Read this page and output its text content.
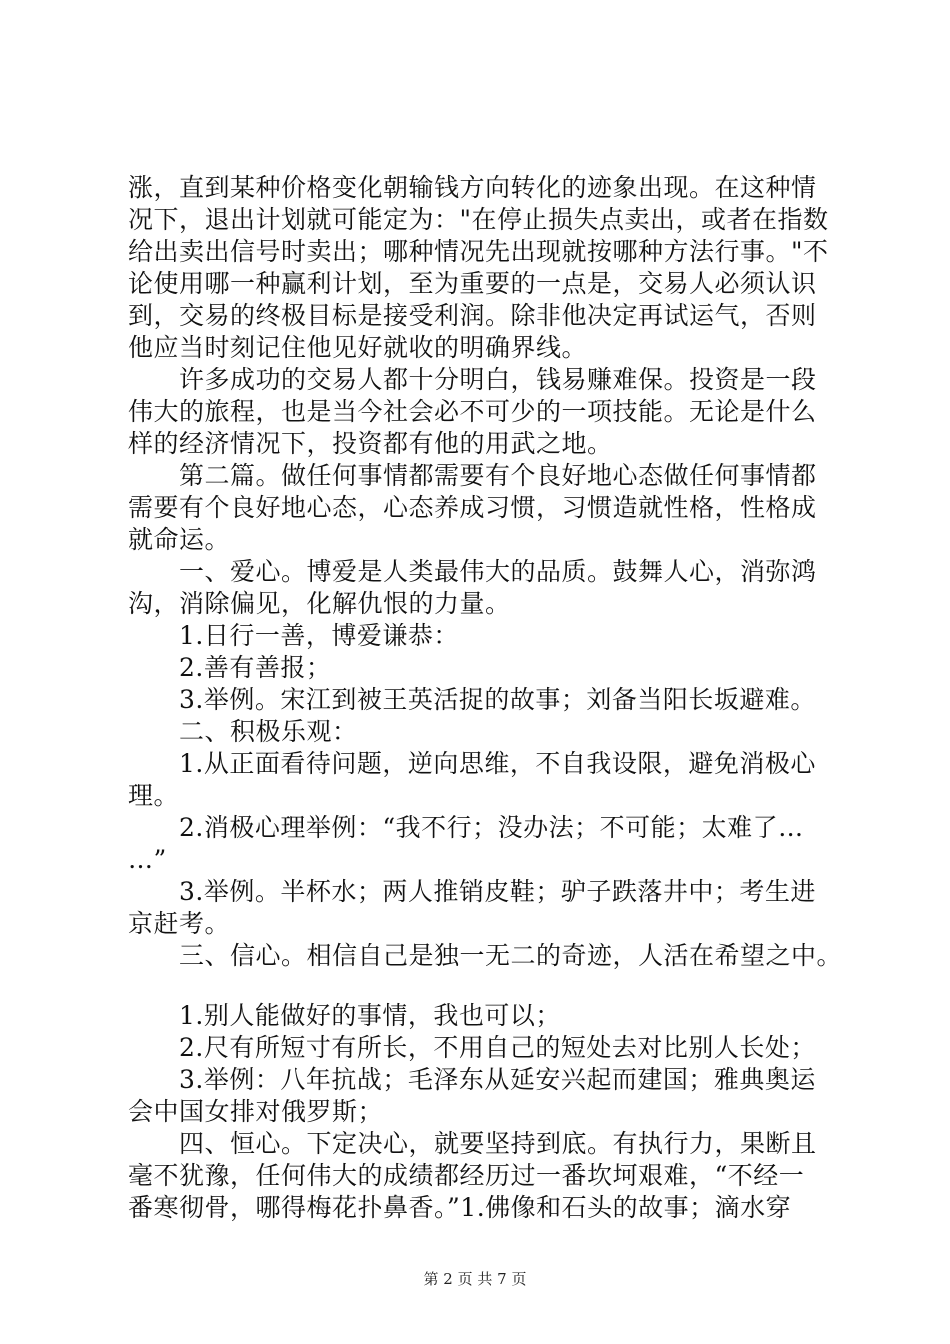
涨，直到某种价格变化朝输钱方向转化的迹象出现。在这种情
况下，退出计划就可能定为："在停止损失点卖出，或者在指数
给出卖出信号时卖出；哪种情况先出现就按哪种方法行事。"不
论使用哪一种赢利计划，至为重要的一点是，交易人必须认识
到，交易的终极目标是接受利润。除非他决定再试运气，否则
他应当时刻记住他见好就收的明确界线。
　　许多成功的交易人都十分明白，钱易赚难保。投资是一段
伟大的旅程，也是当今社会必不可少的一项技能。无论是什么
样的经济情况下，投资都有他的用武之地。
　　第二篇。做任何事情都需要有个良好地心态做任何事情都
需要有个良好地心态，心态养成习惯，习惯造就性格，性格成
就命运。
　　一、爱心。博爱是人类最伟大的品质。鼓舞人心，消弥鸿
沟，消除偏见，化解仇恨的力量。
　　1.日行一善，博爱谦恭：
　　2.善有善报；
　　3.举例。宋江到被王英活捉的故事；刘备当阳长坂避难。
　　二、积极乐观：
　　1.从正面看待问题，逆向思维，不自我设限，避免消极心
理。
　　2.消极心理举例：“我不行；没办法；不可能；太难了…
…”
　　3.举例。半杯水；两人推销皮鞋；驴子跌落井中；考生进
京赶考。
　　三、信心。相信自己是独一无二的奇迹，人活在希望之中。
　　1.别人能做好的事情，我也可以；
　　2.尺有所短寸有所长，不用自己的短处去对比别人长处；
　　3.举例：八年抗战；毛泽东从延安兴起而建国；雅典奥运
会中国女排对俄罗斯；
　　四、恒心。下定决心，就要坚持到底。有执行力，果断且
毫不犹豫，任何伟大的成绩都经历过一番坎坷艰难，“不经一
番寒彻骨，哪得梅花扑鼻香。”1.佛像和石头的故事；滴水穿
第 2 页 共 7 页
